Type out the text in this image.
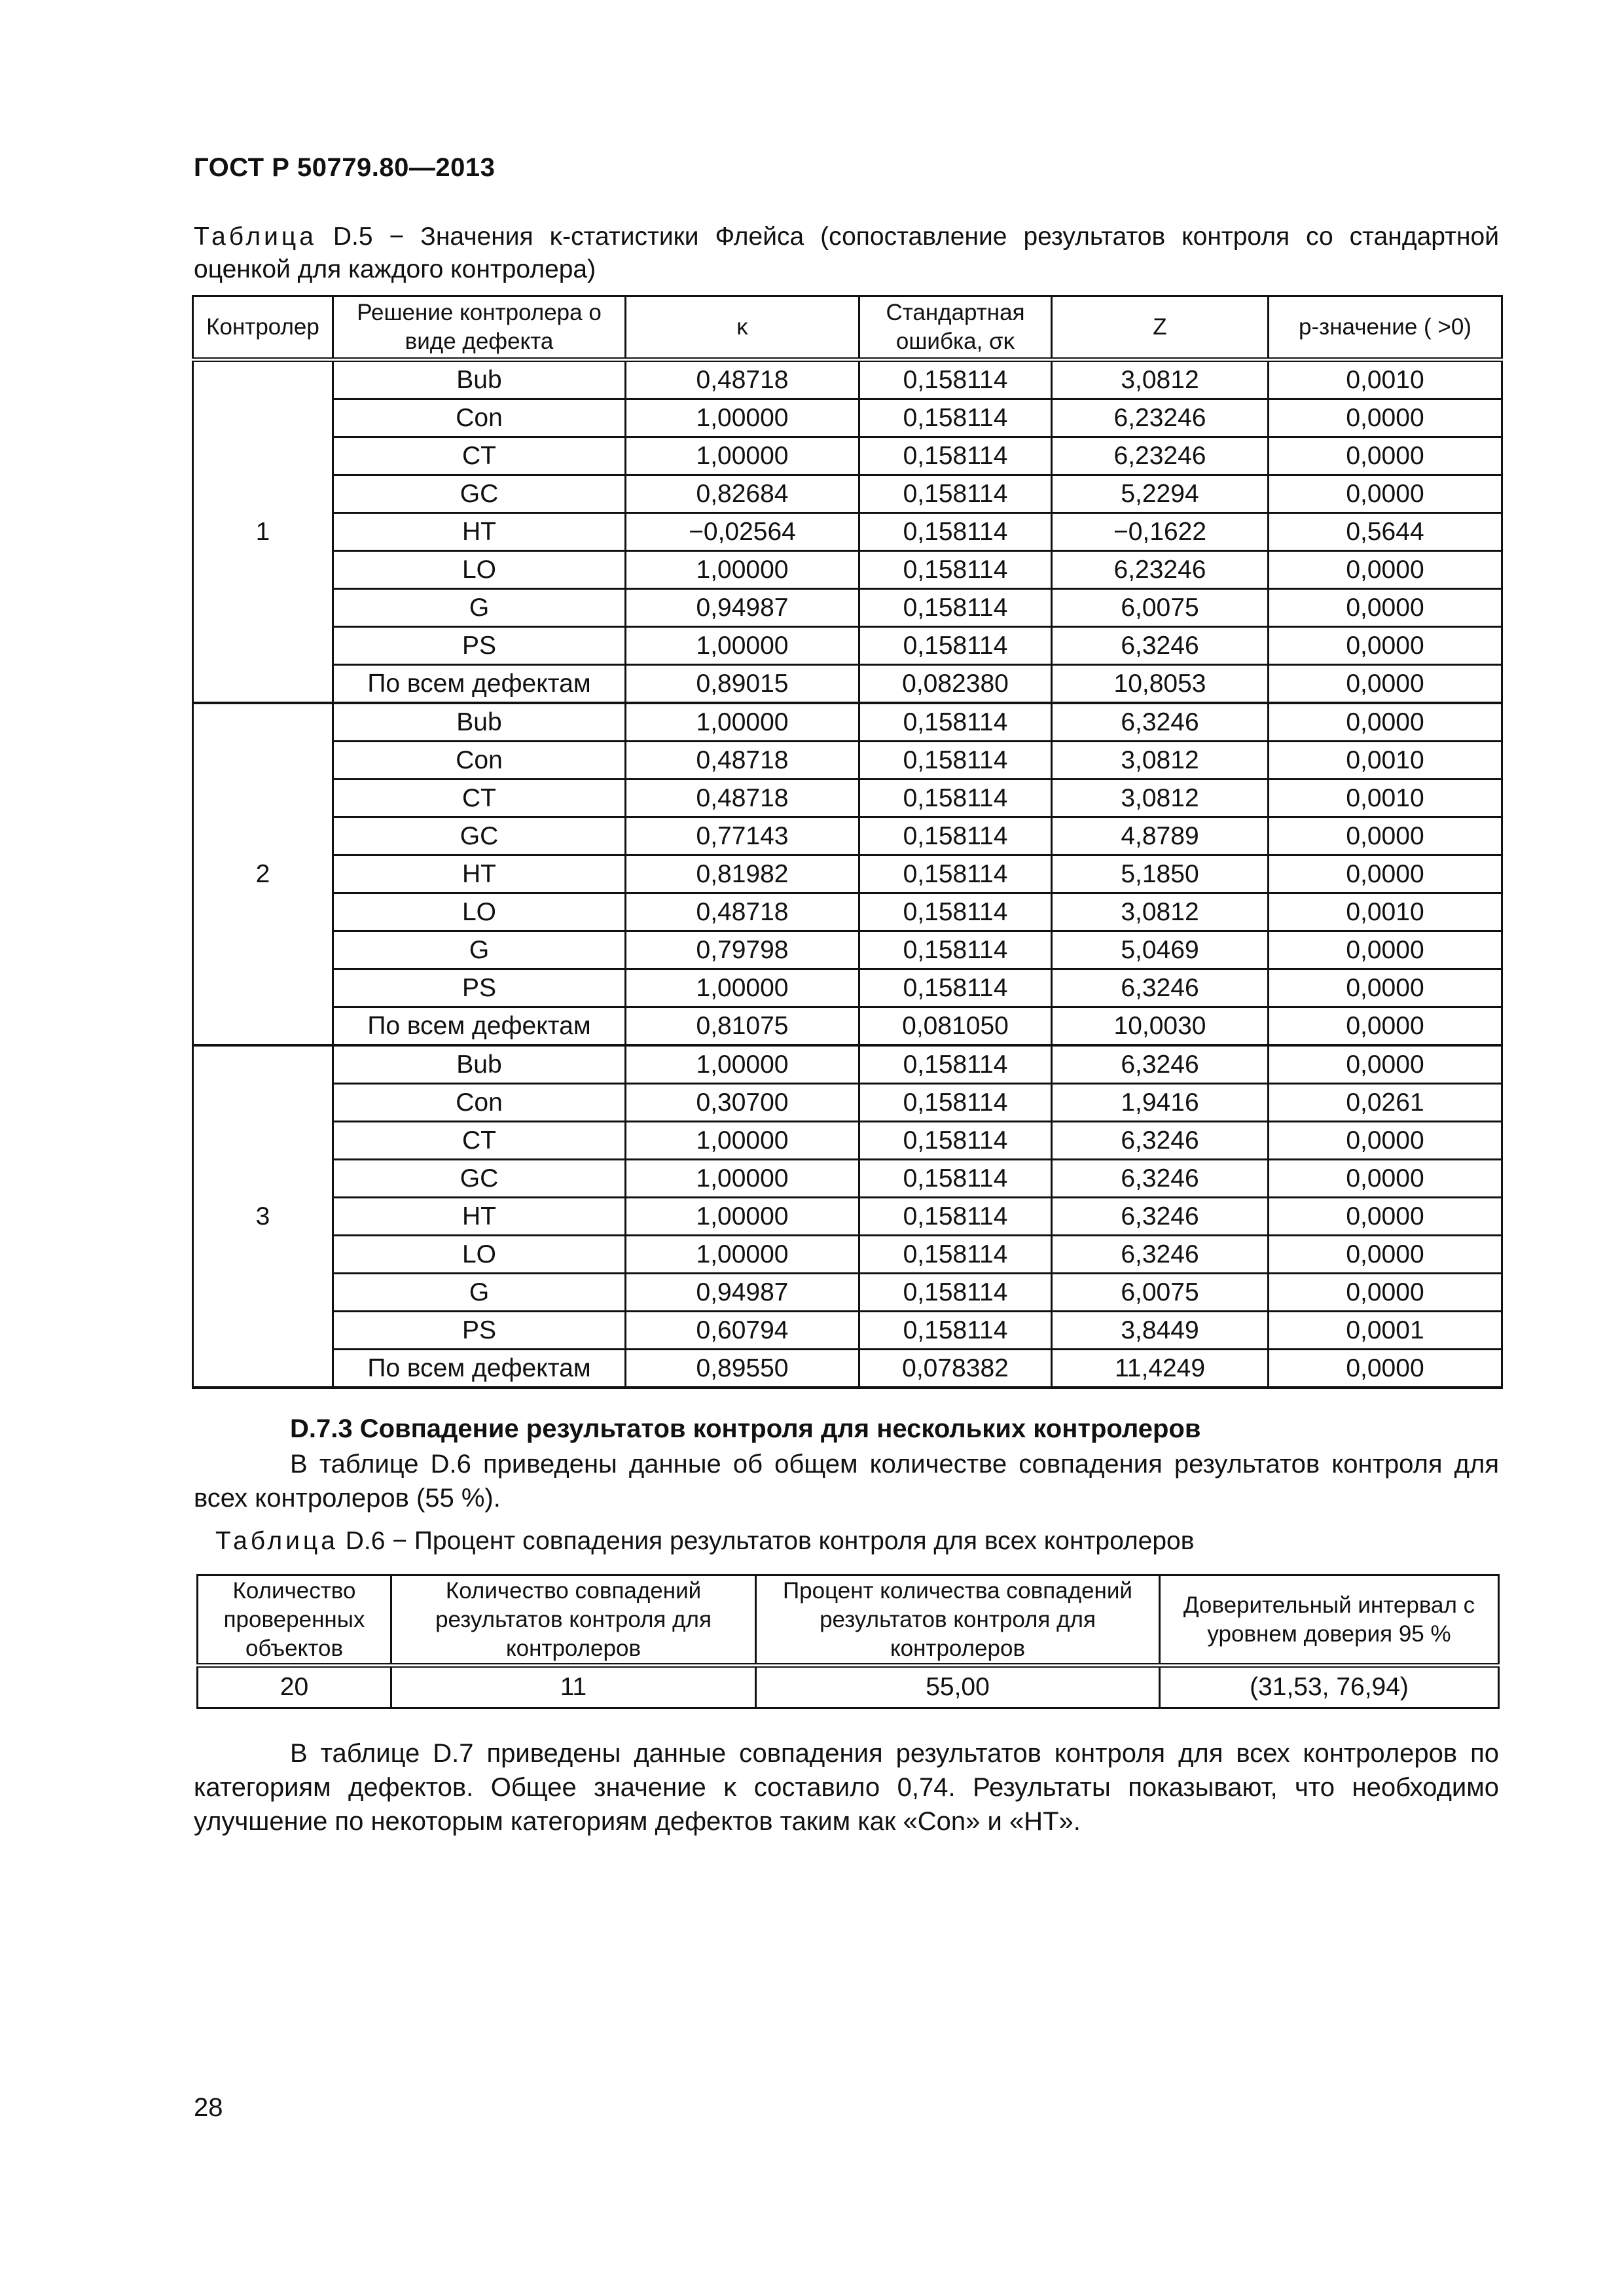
ГОСТ Р 50779.80—2013
Таблица D.5 − Значения κ-статистики Флейса (сопоставление результатов контроля со стандартной оценкой для каждого контролера)
Контролер	Решение контролера о виде дефекта	κ	Стандартная ошибка, σκ	Z	p-значение ( >0)
1	Bub	0,48718	0,158114	3,0812	0,0010
	Con	1,00000	0,158114	6,23246	0,0000
	CT	1,00000	0,158114	6,23246	0,0000
	GC	0,82684	0,158114	5,2294	0,0000
	HT	−0,02564	0,158114	−0,1622	0,5644
	LO	1,00000	0,158114	6,23246	0,0000
	G	0,94987	0,158114	6,0075	0,0000
	PS	1,00000	0,158114	6,3246	0,0000
	По всем дефектам	0,89015	0,082380	10,8053	0,0000
2	Bub	1,00000	0,158114	6,3246	0,0000
	Con	0,48718	0,158114	3,0812	0,0010
	CT	0,48718	0,158114	3,0812	0,0010
	GC	0,77143	0,158114	4,8789	0,0000
	HT	0,81982	0,158114	5,1850	0,0000
	LO	0,48718	0,158114	3,0812	0,0010
	G	0,79798	0,158114	5,0469	0,0000
	PS	1,00000	0,158114	6,3246	0,0000
	По всем дефектам	0,81075	0,081050	10,0030	0,0000
3	Bub	1,00000	0,158114	6,3246	0,0000
	Con	0,30700	0,158114	1,9416	0,0261
	CT	1,00000	0,158114	6,3246	0,0000
	GC	1,00000	0,158114	6,3246	0,0000
	HT	1,00000	0,158114	6,3246	0,0000
	LO	1,00000	0,158114	6,3246	0,0000
	G	0,94987	0,158114	6,0075	0,0000
	PS	0,60794	0,158114	3,8449	0,0001
	По всем дефектам	0,89550	0,078382	11,4249	0,0000
D.7.3 Совпадение результатов контроля для нескольких контролеров
В таблице D.6 приведены данные об общем количестве совпадения результатов контроля для всех контролеров (55 %).
Таблица D.6 − Процент совпадения результатов контроля для всех контролеров
Количество проверенных объектов	Количество совпадений результатов контроля для контролеров	Процент количества совпадений результатов контроля для контролеров	Доверительный интервал с уровнем доверия 95 %
20	11	55,00	(31,53, 76,94)
В таблице D.7 приведены данные совпадения результатов контроля для всех контролеров по категориям дефектов. Общее значение κ составило 0,74. Результаты показывают, что необходимо улучшение по некоторым категориям дефектов таким как «Con» и «HT».
28
